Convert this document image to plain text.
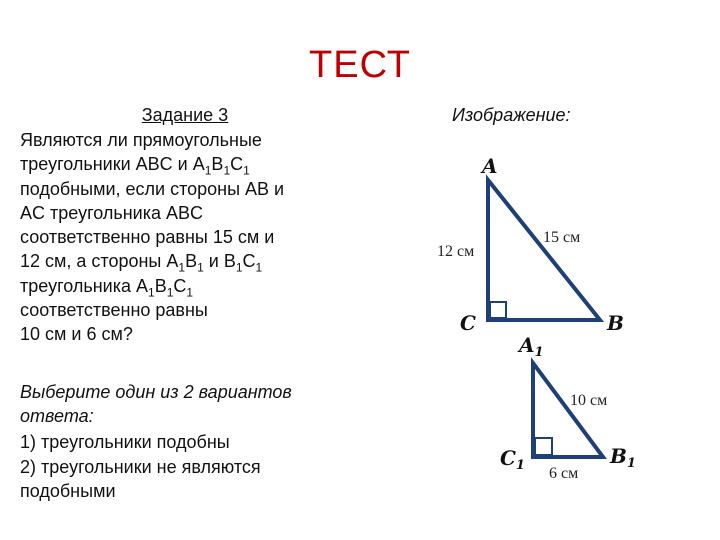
ТЕСТ
Задание 3
Являются ли прямоугольные
треугольники ABC и $A_1B_1C_1$
подобными, если стороны AB и
AC треугольника ABC
соответственно равны 15 см и
12 см, а стороны $A_1B_1$ и $B_1C_1$
треугольника $A_1B_1C_1$
соответственно равны
10 см и 6 см?
Выберите один из 2 вариантов ответа:
1) треугольники подобны
2) треугольники не являются подобными
Изображение:
A
C	B
12 см
15 см
$A_1$
$C_1$	$B_1$
10 см
6 см
